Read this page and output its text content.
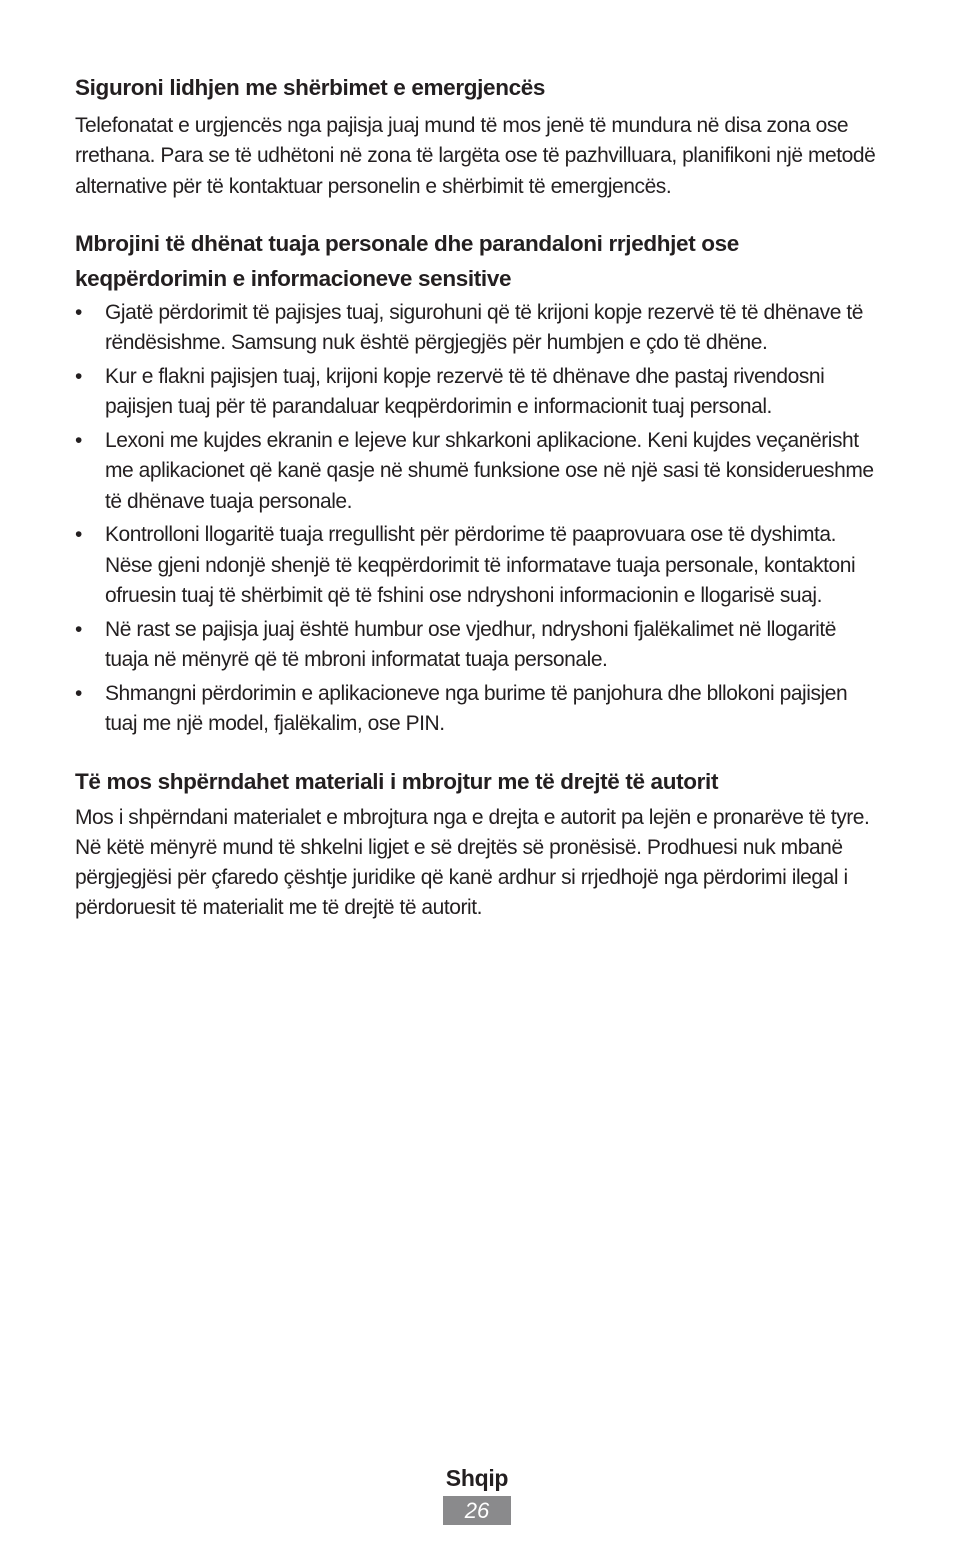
Siguroni lidhjen me shërbimet e emergjencës

Telefonatat e urgjencës nga pajisja juaj mund të mos jenë të mundura në disa zona ose rrethana. Para se të udhëtoni në zona të largëta ose të pazhvilluara, planifikoni një metodë alternative për të kontaktuar personelin e shërbimit të emergjencës.

Mbrojini të dhënat tuaja personale dhe parandaloni rrjedhjet ose keqpërdorimin e informacioneve sensitive

•	Gjatë përdorimit të pajisjes tuaj, sigurohuni që të krijoni kopje rezervë të të dhënave të rëndësishme. Samsung nuk është përgjegjës për humbjen e çdo të dhëne.
•	Kur e flakni pajisjen tuaj, krijoni kopje rezervë të të dhënave dhe pastaj rivendosni pajisjen tuaj për të parandaluar keqpërdorimin e informacionit tuaj personal.
•	Lexoni me kujdes ekranin e lejeve kur shkarkoni aplikacione. Keni kujdes veçanërisht me aplikacionet që kanë qasje në shumë funksione ose në një sasi të konsiderueshme të dhënave tuaja personale.
•	Kontrolloni llogaritë tuaja rregullisht për përdorime të paaprovuara ose të dyshimta. Nëse gjeni ndonjë shenjë të keqpërdorimit të informatave tuaja personale, kontaktoni ofruesin tuaj të shërbimit që të fshini ose ndryshoni informacionin e llogarisë suaj.
•	Në rast se pajisja juaj është humbur ose vjedhur, ndryshoni fjalëkalimet në llogaritë tuaja në mënyrë që të mbroni informatat tuaja personale.
•	Shmangni përdorimin e aplikacioneve nga burime të panjohura dhe bllokoni pajisjen tuaj me një model, fjalëkalim, ose PIN.

Të mos shpërndahet materiali i mbrojtur me të drejtë të autorit

Mos i shpërndani materialet e mbrojtura nga e drejta e autorit pa lejën e pronarëve të tyre. Në këtë mënyrë mund të shkelni ligjet e së drejtës së pronësisë. Prodhuesi nuk mbanë përgjegjësi për çfaredo çështje juridike që kanë ardhur si rrjedhojë nga përdorimi ilegal i përdoruesit të materialit me të drejtë të autorit.

Shqip
26
